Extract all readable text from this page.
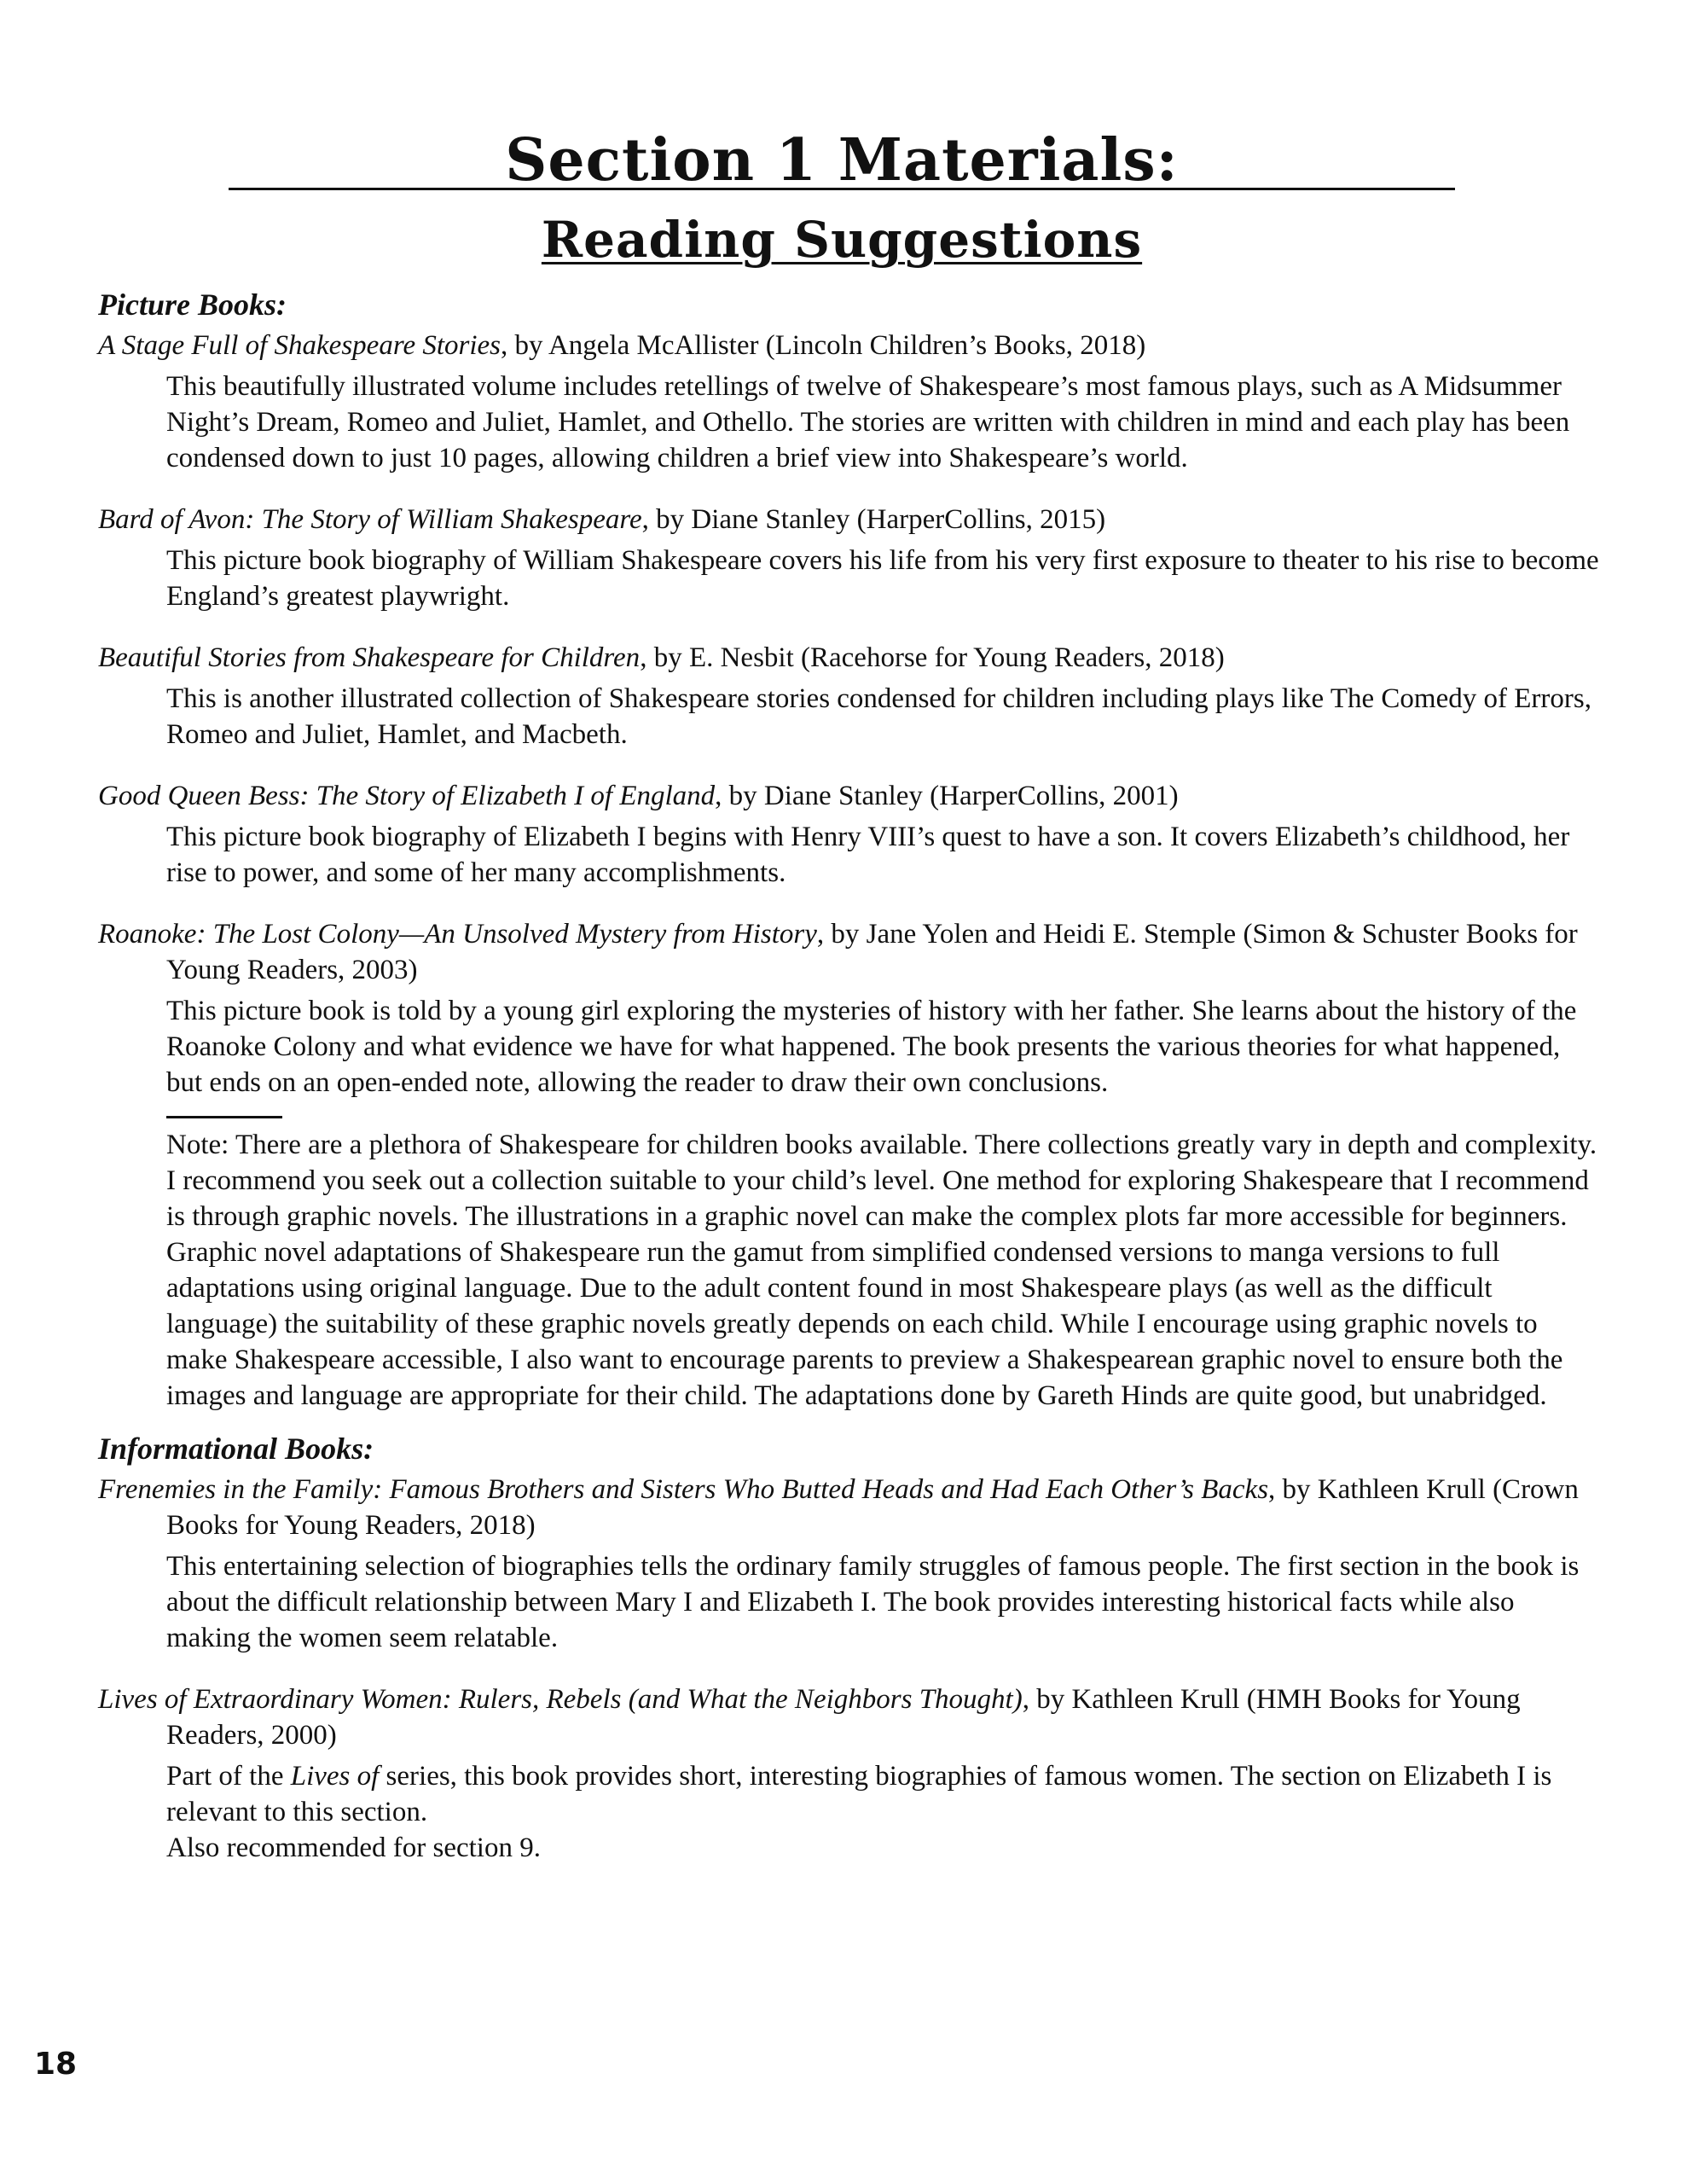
Section 1 Materials:
Reading Suggestions
Picture Books:
A Stage Full of Shakespeare Stories, by Angela McAllister (Lincoln Children’s Books, 2018)
This beautifully illustrated volume includes retellings of twelve of Shakespeare’s most famous plays, such as A Midsummer Night’s Dream, Romeo and Juliet, Hamlet, and Othello. The stories are written with children in mind and each play has been condensed down to just 10 pages, allowing children a brief view into Shakespeare’s world.
Bard of Avon: The Story of William Shakespeare, by Diane Stanley (HarperCollins, 2015)
This picture book biography of William Shakespeare covers his life from his very first exposure to theater to his rise to become England’s greatest playwright.
Beautiful Stories from Shakespeare for Children, by E. Nesbit (Racehorse for Young Readers, 2018)
This is another illustrated collection of Shakespeare stories condensed for children including plays like The Comedy of Errors, Romeo and Juliet, Hamlet, and Macbeth.
Good Queen Bess: The Story of Elizabeth I of England, by Diane Stanley (HarperCollins, 2001)
This picture book biography of Elizabeth I begins with Henry VIII’s quest to have a son. It covers Elizabeth’s childhood, her rise to power, and some of her many accomplishments.
Roanoke: The Lost Colony—An Unsolved Mystery from History, by Jane Yolen and Heidi E. Stemple (Simon & Schuster Books for Young Readers, 2003)
This picture book is told by a young girl exploring the mysteries of history with her father. She learns about the history of the Roanoke Colony and what evidence we have for what happened. The book presents the various theories for what happened, but ends on an open-ended note, allowing the reader to draw their own conclusions.
Note: There are a plethora of Shakespeare for children books available. There collections greatly vary in depth and complexity. I recommend you seek out a collection suitable to your child’s level. One method for exploring Shakespeare that I recommend is through graphic novels. The illustrations in a graphic novel can make the complex plots far more accessible for beginners. Graphic novel adaptations of Shakespeare run the gamut from simplified condensed versions to manga versions to full adaptations using original language. Due to the adult content found in most Shakespeare plays (as well as the difficult language) the suitability of these graphic novels greatly depends on each child. While I encourage using graphic novels to make Shakespeare accessible, I also want to encourage parents to preview a Shakespearean graphic novel to ensure both the images and language are appropriate for their child. The adaptations done by Gareth Hinds are quite good, but unabridged.
Informational Books:
Frenemies in the Family: Famous Brothers and Sisters Who Butted Heads and Had Each Other’s Backs, by Kathleen Krull (Crown Books for Young Readers, 2018)
This entertaining selection of biographies tells the ordinary family struggles of famous people. The first section in the book is about the difficult relationship between Mary I and Elizabeth I. The book provides interesting historical facts while also making the women seem relatable.
Lives of Extraordinary Women: Rulers, Rebels (and What the Neighbors Thought), by Kathleen Krull (HMH Books for Young Readers, 2000)
Part of the Lives of series, this book provides short, interesting biographies of famous women. The section on Elizabeth I is relevant to this section.
Also recommended for section 9.
18
